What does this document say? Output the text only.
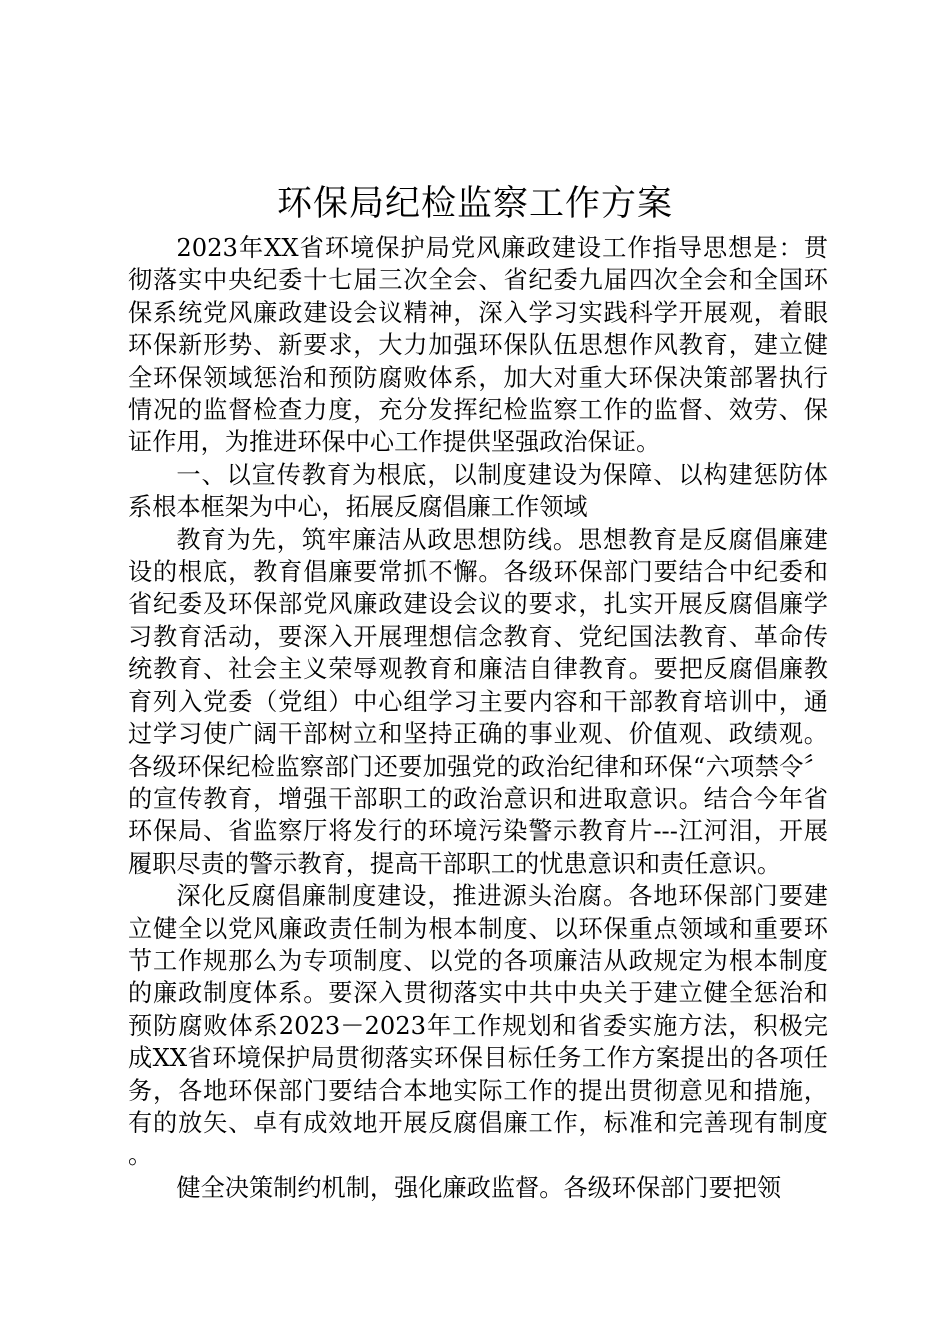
环保局纪检监察工作方案

2023年XX省环境保护局党风廉政建设工作指导思想是：贯彻落实中央纪委十七届三次全会、省纪委九届四次全会和全国环保系统党风廉政建设会议精神，深入学习实践科学开展观，着眼环保新形势、新要求，大力加强环保队伍思想作风教育，建立健全环保领域惩治和预防腐败体系，加大对重大环保决策部署执行情况的监督检查力度，充分发挥纪检监察工作的监督、效劳、保证作用，为推进环保中心工作提供坚强政治保证。

一、以宣传教育为根底，以制度建设为保障、以构建惩防体系根本框架为中心，拓展反腐倡廉工作领域

教育为先，筑牢廉洁从政思想防线。思想教育是反腐倡廉建设的根底，教育倡廉要常抓不懈。各级环保部门要结合中纪委和省纪委及环保部党风廉政建设会议的要求，扎实开展反腐倡廉学习教育活动，要深入开展理想信念教育、党纪国法教育、革命传统教育、社会主义荣辱观教育和廉洁自律教育。要把反腐倡廉教育列入党委（党组）中心组学习主要内容和干部教育培训中，通过学习使广阔干部树立和坚持正确的事业观、价值观、政绩观。各级环保纪检监察部门还要加强党的政治纪律和环保“六项禁令〞的宣传教育，增强干部职工的政治意识和进取意识。结合今年省环保局、省监察厅将发行的环境污染警示教育片---江河泪，开展履职尽责的警示教育，提高干部职工的忧患意识和责任意识。

深化反腐倡廉制度建设，推进源头治腐。各地环保部门要建立健全以党风廉政责任制为根本制度、以环保重点领域和重要环节工作规那么为专项制度、以党的各项廉洁从政规定为根本制度的廉政制度体系。要深入贯彻落实中共中央关于建立健全惩治和预防腐败体系2023－2023年工作规划和省委实施方法，积极完成XX省环境保护局贯彻落实环保目标任务工作方案提出的各项任务，各地环保部门要结合本地实际工作的提出贯彻意见和措施，有的放矢、卓有成效地开展反腐倡廉工作，标准和完善现有制度。

健全决策制约机制，强化廉政监督。各级环保部门要把领
